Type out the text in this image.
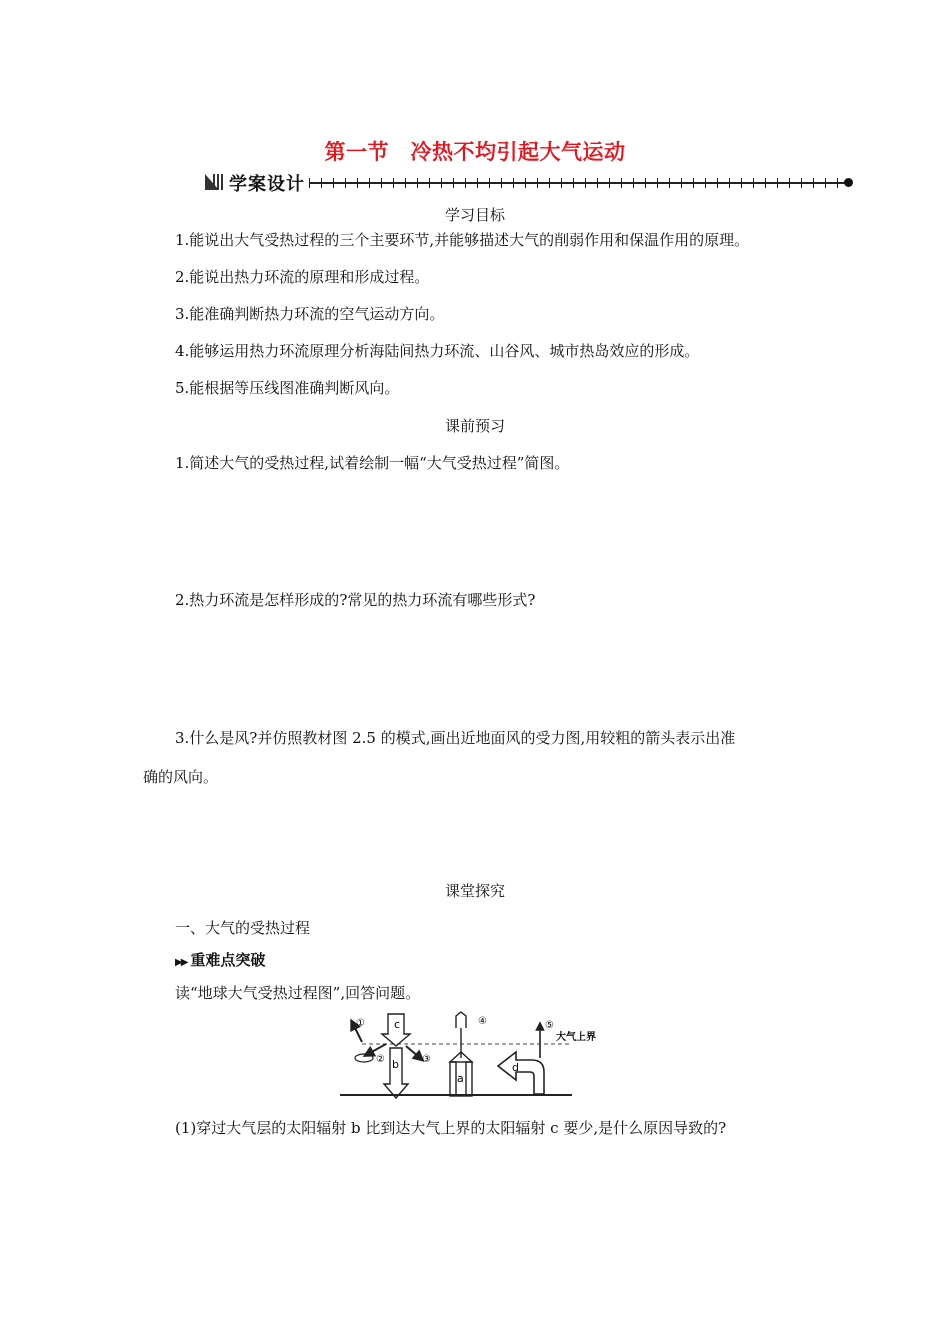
第一节　冷热不均引起大气运动
学案设计
学习目标
1.能说出大气受热过程的三个主要环节,并能够描述大气的削弱作用和保温作用的原理。
2.能说出热力环流的原理和形成过程。
3.能准确判断热力环流的空气运动方向。
4.能够运用热力环流原理分析海陆间热力环流、山谷风、城市热岛效应的形成。
5.能根据等压线图准确判断风向。
课前预习
1.简述大气的受热过程,试着绘制一幅“大气受热过程”简图。
2.热力环流是怎样形成的?常见的热力环流有哪些形式?
3.什么是风?并仿照教材图 2.5 的模式,画出近地面风的受力图,用较粗的箭头表示出准
确的风向。
课堂探究
一、大气的受热过程
▶▶ 重难点突破
读“地球大气受热过程图”,回答问题。
大气上界
c
b
①
②	③
a
④	⑤
d
(1)穿过大气层的太阳辐射 b 比到达大气上界的太阳辐射 c 要少,是什么原因导致的?
